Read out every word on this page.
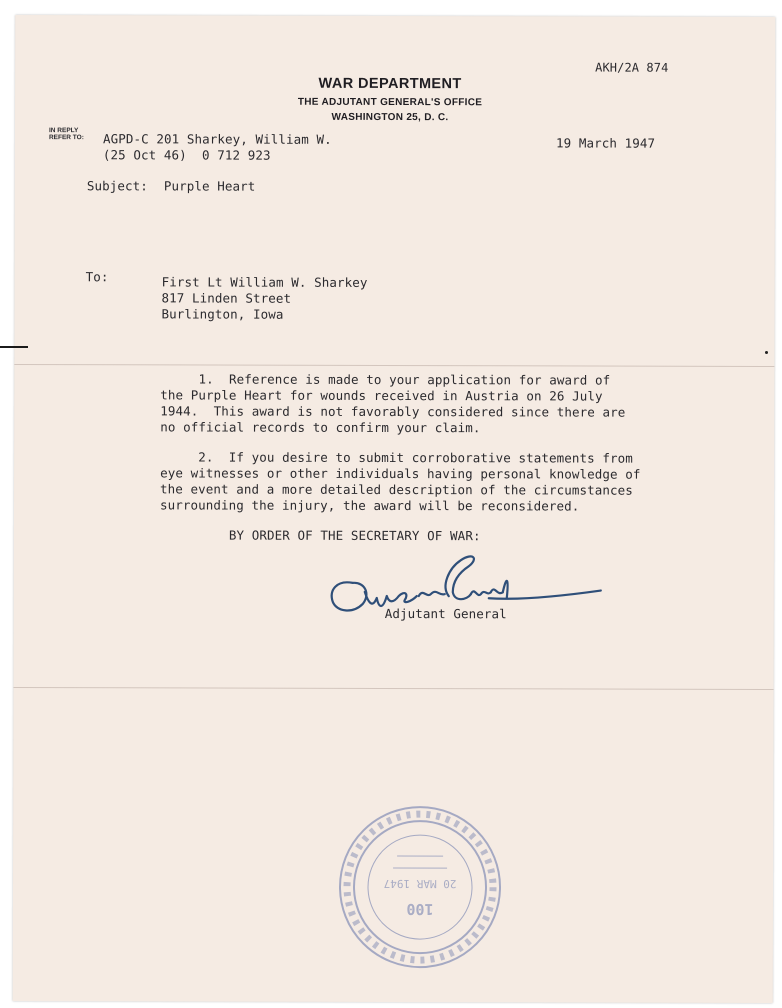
AKH/2A 874
WAR DEPARTMENT
THE ADJUTANT GENERAL'S OFFICE
WASHINGTON 25, D. C.
IN REPLY
REFER TO: AGPD-C 201 Sharkey, William W.
(25 Oct 46)  0 712 923
19 March 1947
Subject: Purple Heart
To:	First Lt William W. Sharkey
817 Linden Street
Burlington, Iowa
1.  Reference is made to your application for award of
the Purple Heart for wounds received in Austria on 26 July
1944.  This award is not favorably considered since there are
no official records to confirm your claim.
2.  If you desire to submit corroborative statements from
eye witnesses or other individuals having personal knowledge of
the event and a more detailed description of the circumstances
surrounding the injury, the award will be reconsidered.
BY ORDER OF THE SECRETARY OF WAR:
Adjutant General
100
20 MAR 1947
